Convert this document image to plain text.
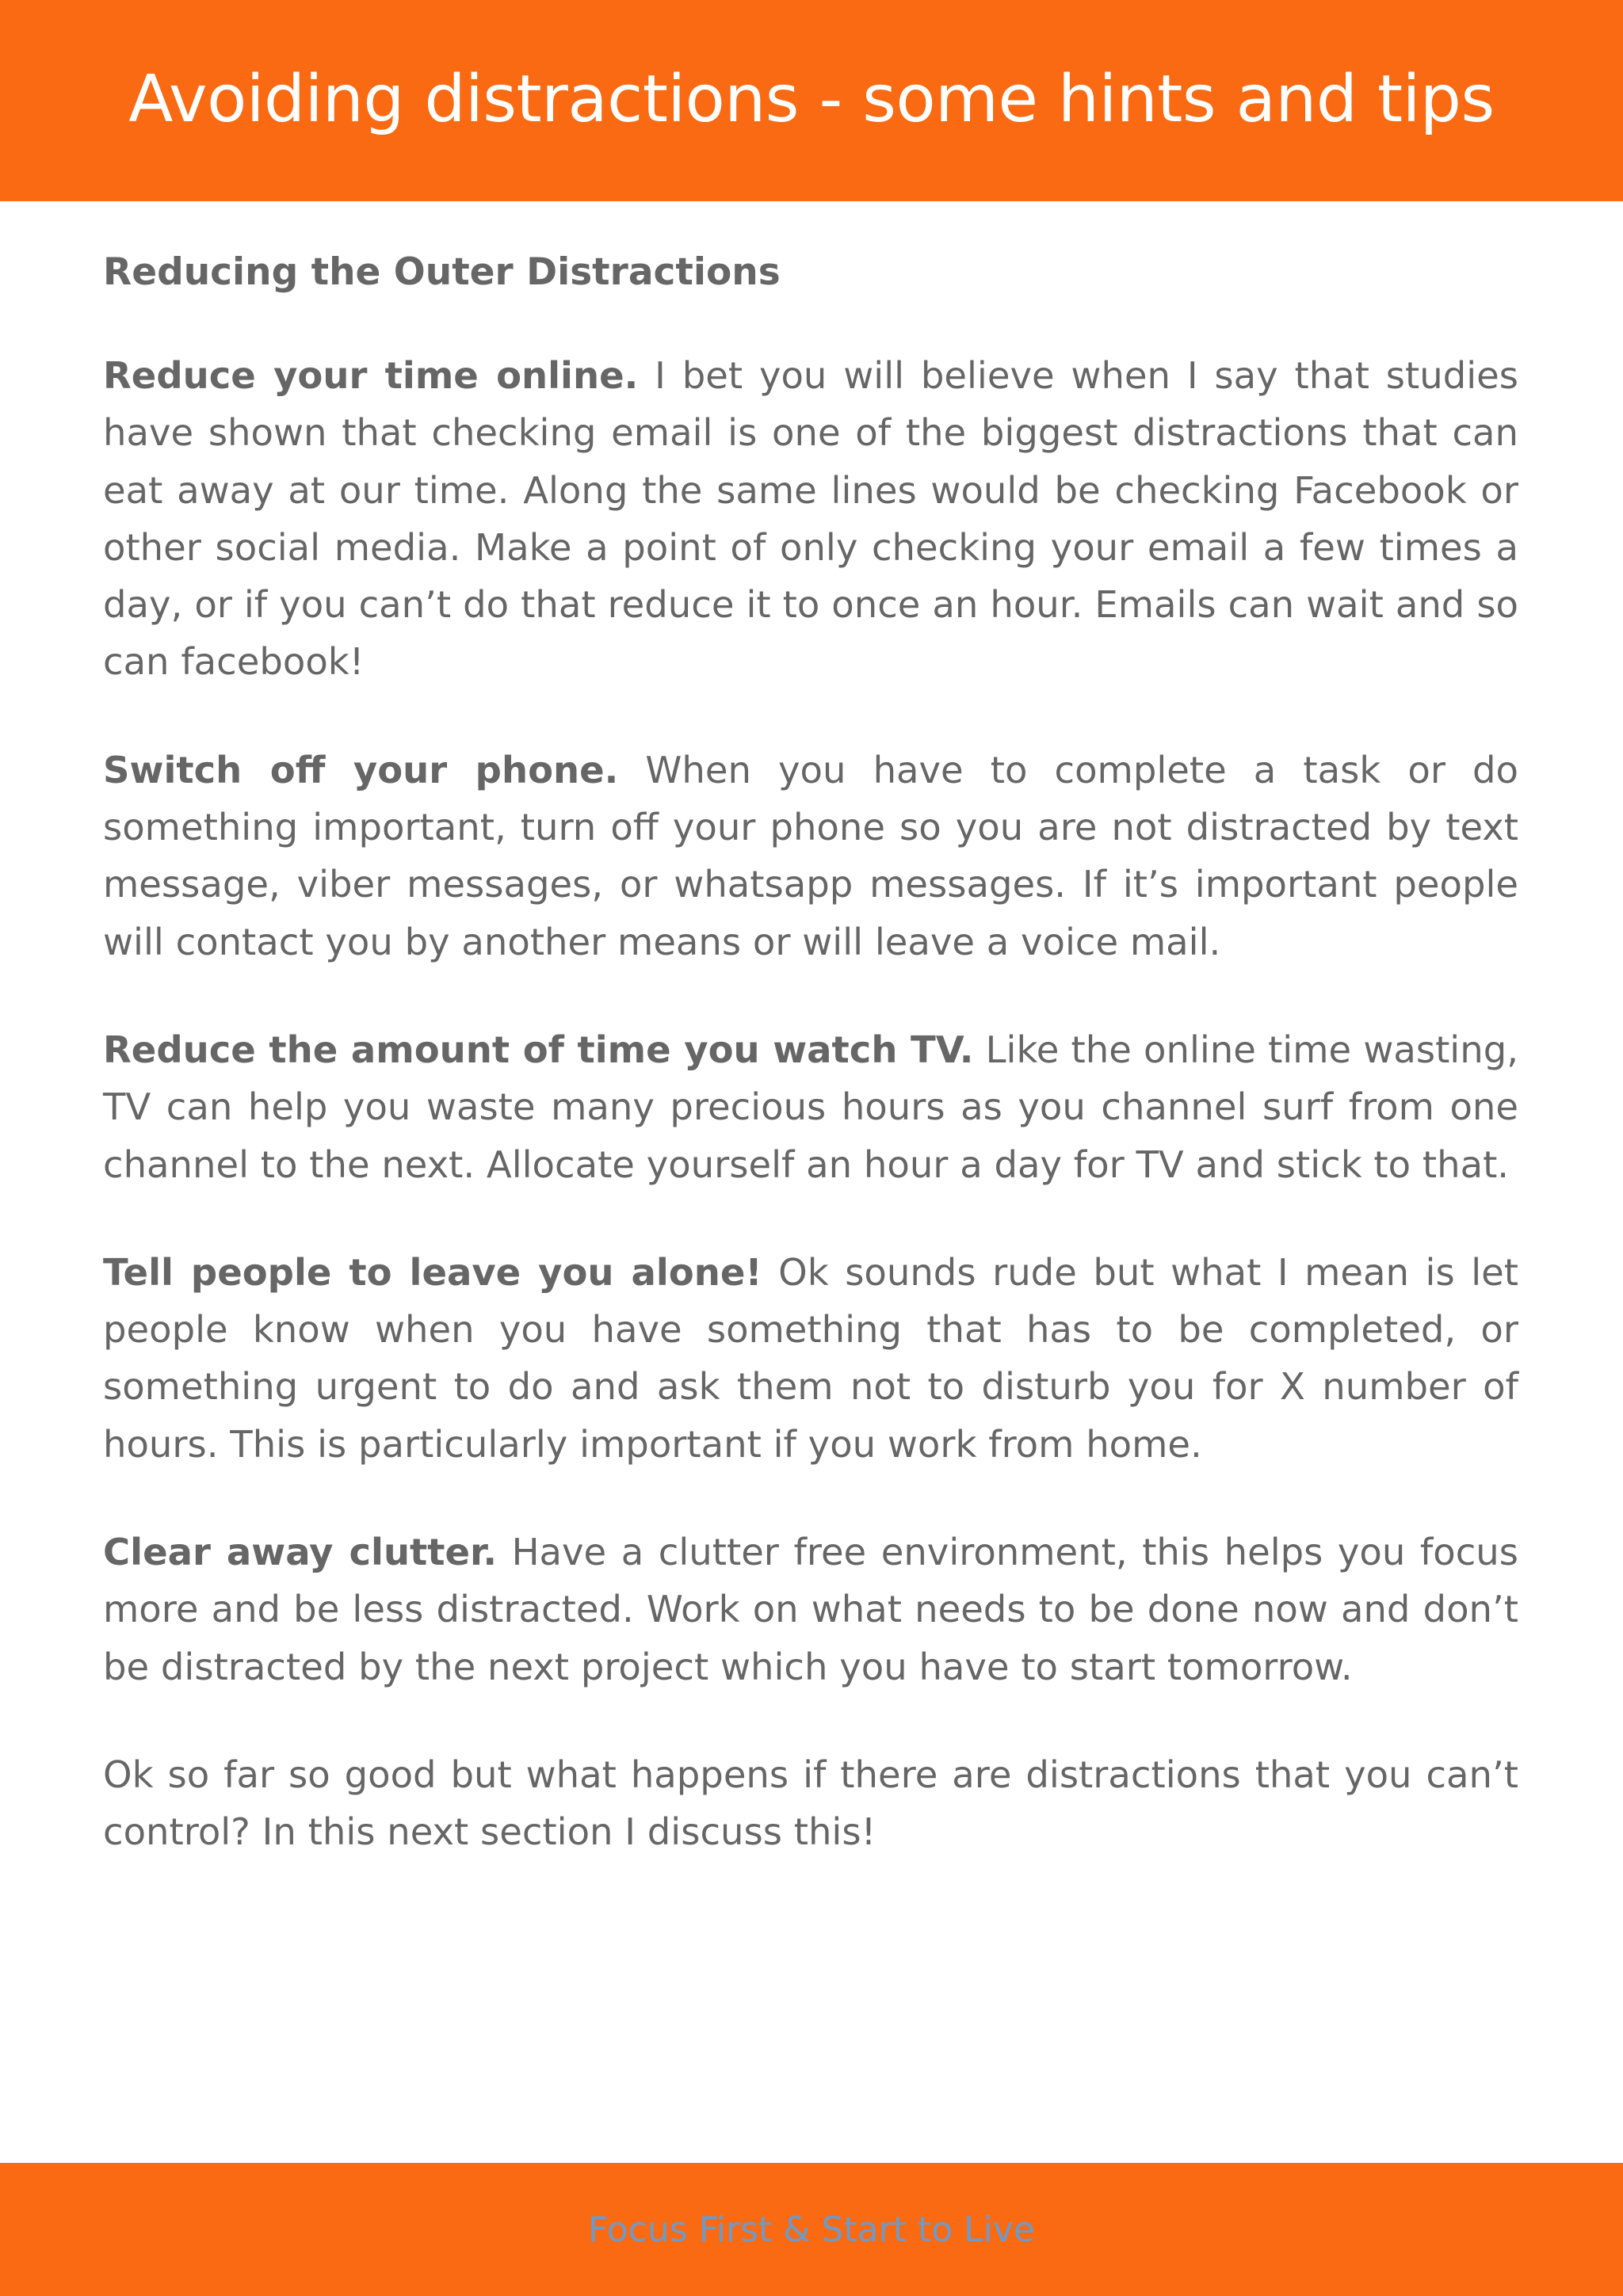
Avoiding distractions - some hints and tips

Reducing the Outer Distractions

Reduce your time online. I bet you will believe when I say that studies have shown that checking email is one of the biggest distractions that can eat away at our time. Along the same lines would be checking Facebook or other social media. Make a point of only checking your email a few times a day, or if you can’t do that reduce it to once an hour. Emails can wait and so can facebook!

Switch off your phone. When you have to complete a task or do something important, turn off your phone so you are not distracted by text message, viber messages, or whatsapp messages. If it’s important people will contact you by another means or will leave a voice mail.

Reduce the amount of time you watch TV. Like the online time wasting, TV can help you waste many precious hours as you channel surf from one channel to the next. Allocate yourself an hour a day for TV and stick to that.

Tell people to leave you alone! Ok sounds rude but what I mean is let people know when you have something that has to be completed, or something urgent to do and ask them not to disturb you for X number of hours. This is particularly important if you work from home.

Clear away clutter. Have a clutter free environment, this helps you focus more and be less distracted. Work on what needs to be done now and don’t be distracted by the next project which you have to start tomorrow.

Ok so far so good but what happens if there are distractions that you can’t control? In this next section I discuss this!

Focus First & Start to Live
